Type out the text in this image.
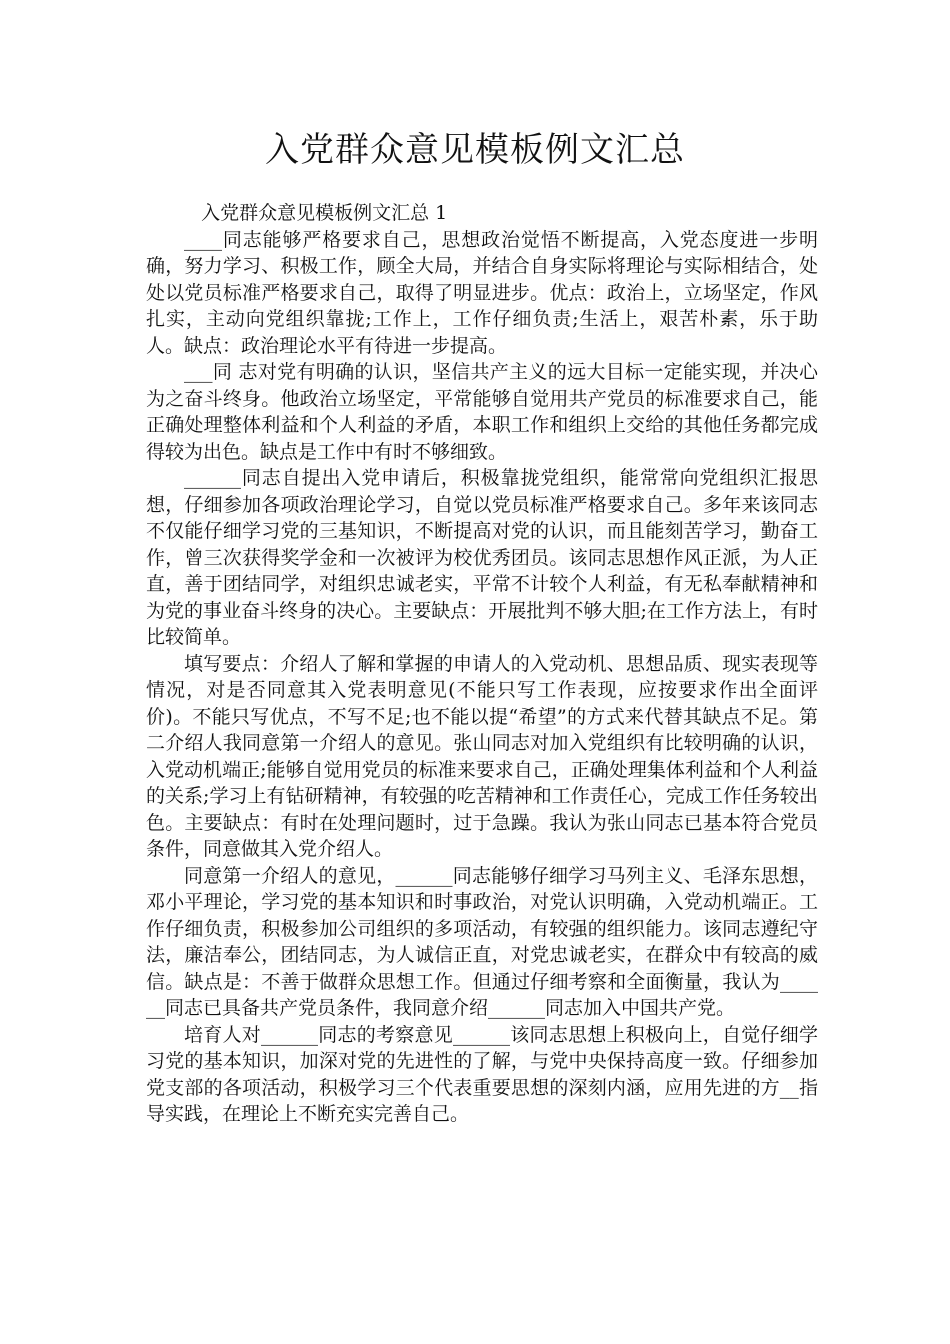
入党群众意见模板例文汇总

入党群众意见模板例文汇总 1

____同志能够严格要求自己，思想政治觉悟不断提高，入党态度进一步明确，努力学习、积极工作，顾全大局，并结合自身实际将理论与实际相结合，处处以党员标准严格要求自己，取得了明显进步。优点：政治上，立场坚定，作风扎实，主动向党组织靠拢;工作上，工作仔细负责;生活上，艰苦朴素，乐于助人。缺点：政治理论水平有待进一步提高。

___同 志对党有明确的认识，坚信共产主义的远大目标一定能实现，并决心为之奋斗终身。他政治立场坚定，平常能够自觉用共产党员的标准要求自己，能正确处理整体利益和个人利益的矛盾，本职工作和组织上交给的其他任务都完成得较为出色。缺点是工作中有时不够细致。

______同志自提出入党申请后，积极靠拢党组织，能常常向党组织汇报思想，仔细参加各项政治理论学习，自觉以党员标准严格要求自己。多年来该同志不仅能仔细学习党的三基知识，不断提高对党的认识，而且能刻苦学习，勤奋工作，曾三次获得奖学金和一次被评为校优秀团员。该同志思想作风正派，为人正直，善于团结同学，对组织忠诚老实，平常不计较个人利益，有无私奉献精神和为党的事业奋斗终身的决心。主要缺点：开展批判不够大胆;在工作方法上，有时比较简单。

填写要点：介绍人了解和掌握的申请人的入党动机、思想品质、现实表现等情况，对是否同意其入党表明意见(不能只写工作表现，应按要求作出全面评价)。不能只写优点，不写不足;也不能以提“希望”的方式来代替其缺点不足。第二介绍人我同意第一介绍人的意见。张山同志对加入党组织有比较明确的认识，入党动机端正;能够自觉用党员的标准来要求自己，正确处理集体利益和个人利益的关系;学习上有钻研精神，有较强的吃苦精神和工作责任心，完成工作任务较出色。主要缺点：有时在处理问题时，过于急躁。我认为张山同志已基本符合党员条件，同意做其入党介绍人。

同意第一介绍人的意见，______同志能够仔细学习马列主义、毛泽东思想，邓小平理论，学习党的基本知识和时事政治，对党认识明确，入党动机端正。工作仔细负责，积极参加公司组织的多项活动，有较强的组织能力。该同志遵纪守法，廉洁奉公，团结同志，为人诚信正直，对党忠诚老实，在群众中有较高的威信。缺点是：不善于做群众思想工作。但通过仔细考察和全面衡量，我认为______同志已具备共产党员条件，我同意介绍______同志加入中国共产党。

培育人对______同志的考察意见______该同志思想上积极向上，自觉仔细学习党的基本知识，加深对党的先进性的了解，与党中央保持高度一致。仔细参加党支部的各项活动，积极学习三个代表重要思想的深刻内涵，应用先进的方__指导实践，在理论上不断充实完善自己。
